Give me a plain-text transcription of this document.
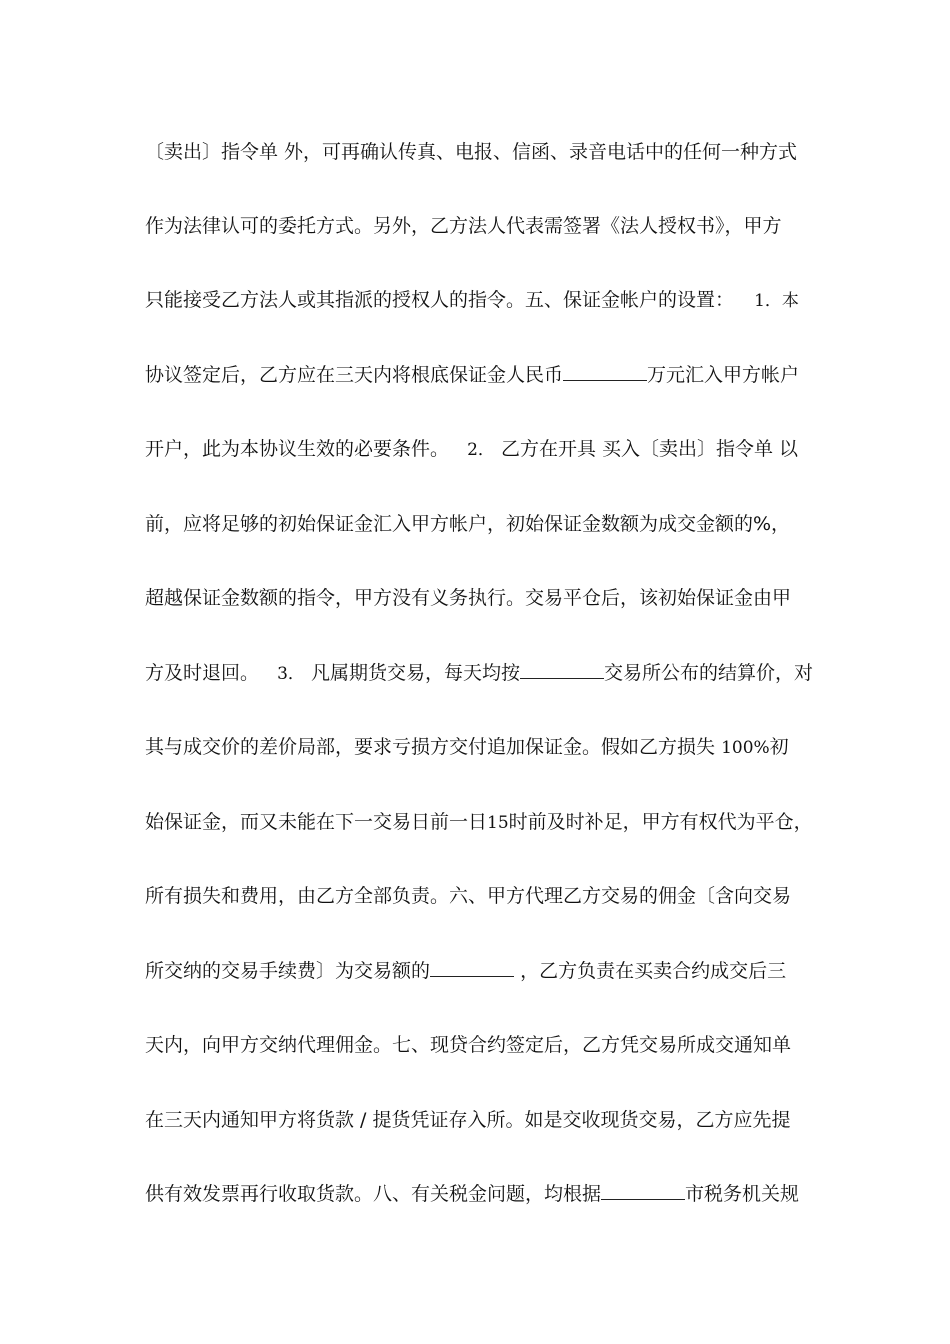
〔卖出〕指令单 外，可再确认传真、电报、信函、录音电话中的任何一种方式
作为法律认可的委托方式。另外，乙方法人代表需签署《法人授权书》，甲方
只能接受乙方法人或其指派的授权人的指令。五、保证金帐户的设置： 1．本
协议签定后，乙方应在三天内将根底保证金人民币	万元汇入甲方帐户
开户，此为本协议生效的必要条件。 2． 乙方在开具 买入〔卖出〕指令单 以
前，应将足够的初始保证金汇入甲方帐户，初始保证金数额为成交金额的%，
超越保证金数额的指令，甲方没有义务执行。交易平仓后，该初始保证金由甲
方及时退回。 3． 凡属期货交易，每天均按	交易所公布的结算价，对
其与成交价的差价局部，要求亏损方交付追加保证金。假如乙方损失 100%初
始保证金，而又未能在下一交易日前一日15时前及时补足，甲方有权代为平仓，
所有损失和费用，由乙方全部负责。六、甲方代理乙方交易的佣金〔含向交易
所交纳的交易手续费〕为交易额的	，乙方负责在买卖合约成交后三
天内，向甲方交纳代理佣金。七、现贷合约签定后，乙方凭交易所成交通知单
在三天内通知甲方将货款 / 提货凭证存入所。如是交收现货交易，乙方应先提
供有效发票再行收取货款。八、有关税金问题，均根据	市税务机关规
